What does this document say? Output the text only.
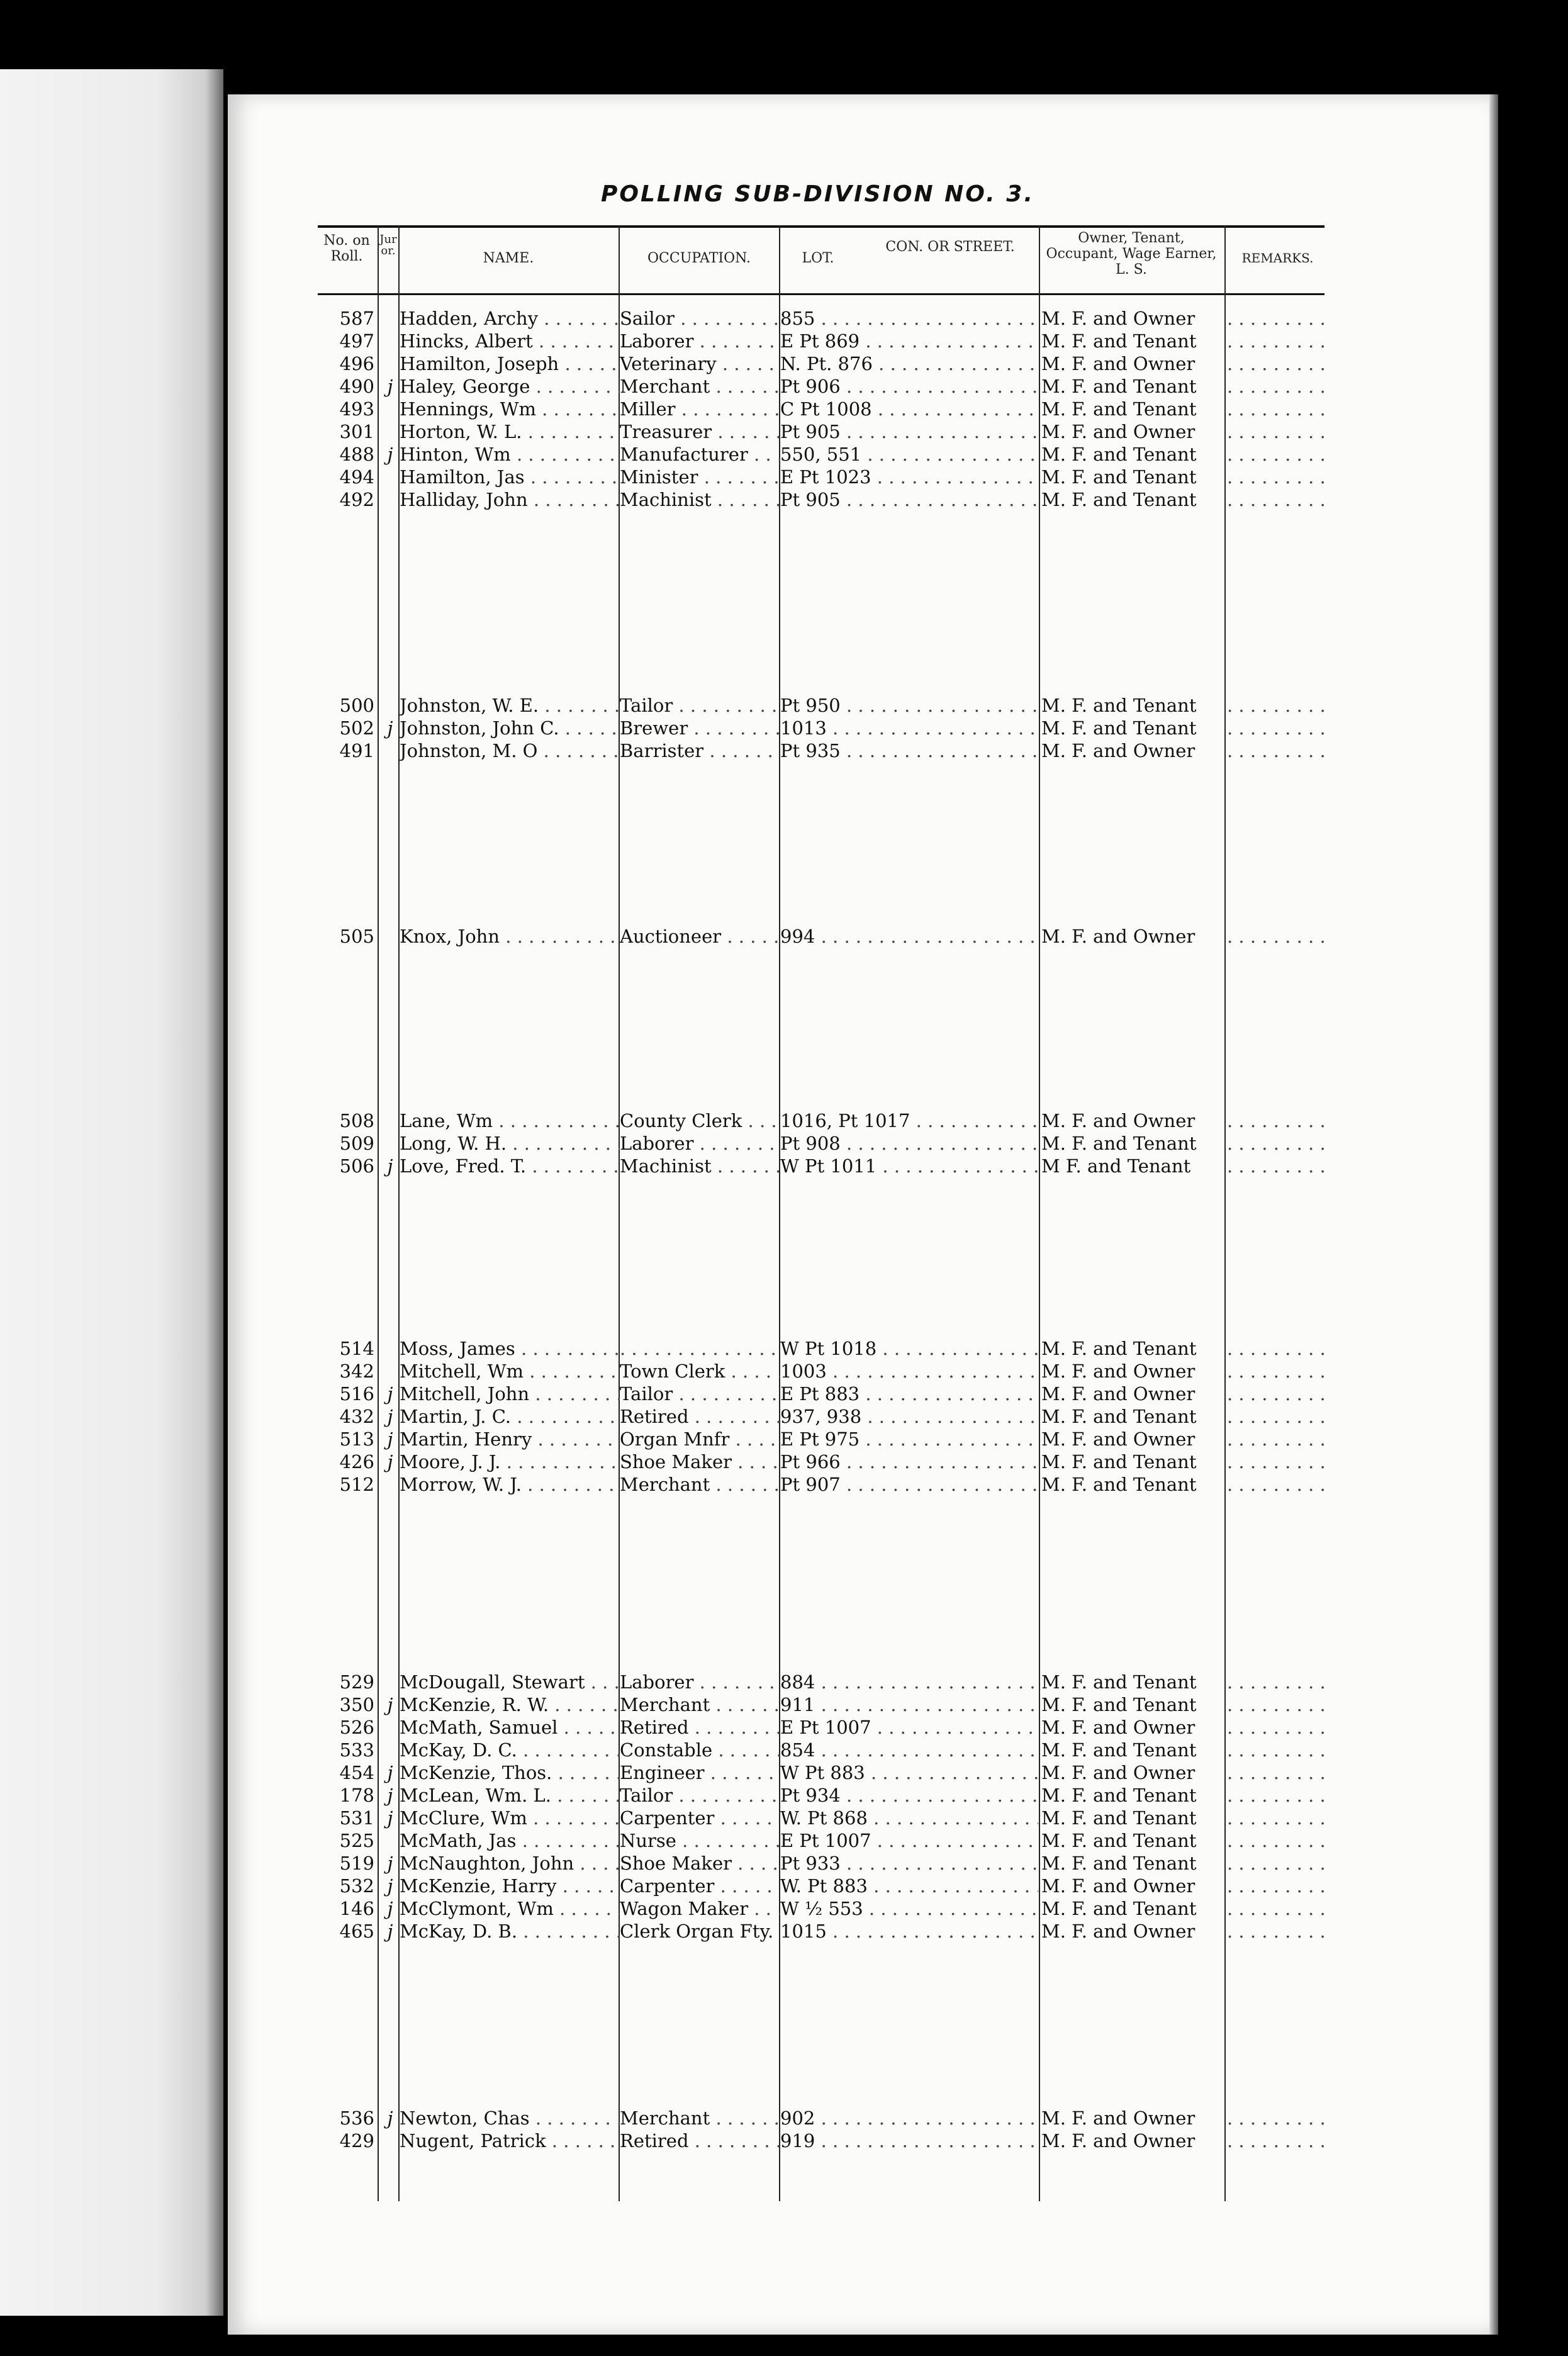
POLLING SUB-DIVISION NO. 3.
No. on Roll.
Juror.	NAME.	OCCUPATION.	LOT.
CON. OR STREET.
Owner, Tenant, Occupant, Wage Earner, L. S.
REMARKS.
587 Hadden, Archy . . .	Sailor . . .	855 . . .	M. F. and Owner
. . .
497 Hincks, Albert . . .	Laborer . . .	E Pt 869 . . .	M. F. and Tenant
. . .
496 Hamilton, Joseph . . .	Veterinary . . .	N. Pt. 876 . . .	M. F. and Owner
. . .
490 j Haley, George . . .	Merchant . . .	Pt 906 . . .	M. F. and Tenant
. . .
493 Hennings, Wm . . .	Miller . . .	C Pt 1008 . . .	M. F. and Tenant
. . .
301 Horton, W. L. . . .	Treasurer . . .	Pt 905 . . .	M. F. and Owner
. . .
488 j Hinton, Wm . . .	Manufacturer . . .	550, 551 . . .	M. F. and Tenant
. . .
494 Hamilton, Jas . . .	Minister . . .	E Pt 1023 . . .	M. F. and Tenant
. . .
492 Halliday, John . . .	Machinist . . .	Pt 905 . . .	M. F. and Tenant
. . .
500 Johnston, W. E. . . .	Tailor . . .	Pt 950 . . .	M. F. and Tenant
. . .
502 j Johnston, John C. . . .	Brewer . . .	1013 . . .	M. F. and Tenant
. . .
491 Johnston, M. O . . .	Barrister . . .	Pt 935 . . .	M. F. and Owner
. . .
505 Knox, John . . .	Auctioneer . . .	994 . . .	M. F. and Owner
. . .
508 Lane, Wm . . .	County Clerk . . .	1016, Pt 1017 . . .	M. F. and Owner
. . .
509 Long, W. H. . . .	Laborer . . .	Pt 908 . . .	M. F. and Tenant
. . .
506 j Love, Fred. T. . . .	Machinist . . .	W Pt 1011 . . .	M F. and Tenant
. . .
514 Moss, James . . .
. . .	W Pt 1018 . . .	M. F. and Tenant
. . .
342 Mitchell, Wm . . .	Town Clerk . . .	1003 . . .	M. F. and Owner
. . .
516 j Mitchell, John . . .	Tailor . . .	E Pt 883 . . .	M. F. and Owner
. . .
432 j Martin, J. C. . . .	Retired . . .	937, 938 . . .	M. F. and Tenant
. . .
513 j Martin, Henry . . .	Organ Mnfr . . .	E Pt 975 . . .	M. F. and Owner
. . .
426 j Moore, J. J. . . .	Shoe Maker . . .	Pt 966 . . .	M. F. and Tenant
. . .
512 Morrow, W. J. . . .	Merchant . . .	Pt 907 . . .	M. F. and Tenant
. . .
529 McDougall, Stewart . . .	Laborer . . .	884 . . .	M. F. and Tenant
. . .
350 j McKenzie, R. W. . . .	Merchant . . .	911 . . .	M. F. and Tenant
. . .
526 McMath, Samuel . . .	Retired . . .	E Pt 1007 . . .	M. F. and Owner
. . .
533 McKay, D. C. . . .	Constable . . .	854 . . .	M. F. and Tenant
. . .
454 j McKenzie, Thos. . . .	Engineer . . .	W Pt 883 . . .	M. F. and Owner
. . .
178 j McLean, Wm. L. . . .	Tailor . . .	Pt 934 . . .	M. F. and Tenant
. . .
531 j McClure, Wm . . .	Carpenter . . .	W. Pt 868 . . .	M. F. and Tenant
. . .
525 McMath, Jas . . .	Nurse . . .	E Pt 1007 . . .	M. F. and Tenant
. . .
519 j McNaughton, John . . .	Shoe Maker . . .	Pt 933 . . .	M. F. and Tenant
. . .
532 j McKenzie, Harry . . .	Carpenter . . .	W. Pt 883 . . .	M. F. and Owner
. . .
146 j McClymont, Wm . . .	Wagon Maker . . .	W ½ 553 . . .	M. F. and Tenant
. . .
465 j McKay, D. B. . . .	Clerk Organ Fty. . . . 1015 . . .	M. F. and Owner
. . .
536 j Newton, Chas . . .	Merchant . . .	902 . . .	M. F. and Owner
. . .
429 Nugent, Patrick . . .	Retired . . .	919 . . .	M. F. and Owner
. . .
